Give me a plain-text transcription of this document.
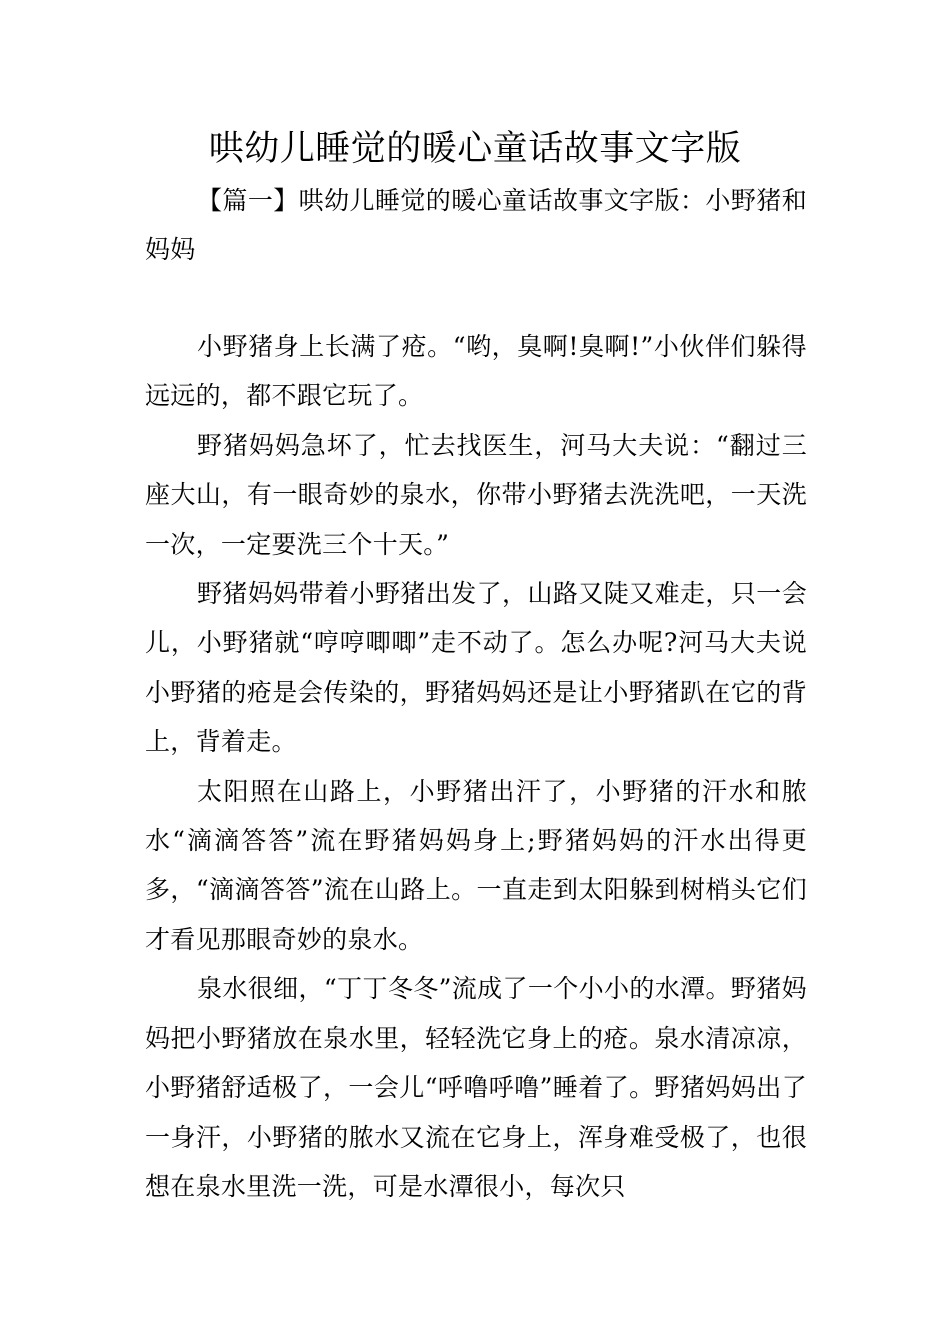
哄幼儿睡觉的暖心童话故事文字版

【篇一】哄幼儿睡觉的暖心童话故事文字版：小野猪和妈妈

小野猪身上长满了疮。“哟，臭啊!臭啊!”小伙伴们躲得远远的，都不跟它玩了。

野猪妈妈急坏了，忙去找医生，河马大夫说：“翻过三座大山，有一眼奇妙的泉水，你带小野猪去洗洗吧，一天洗一次，一定要洗三个十天。”

野猪妈妈带着小野猪出发了，山路又陡又难走，只一会儿，小野猪就“哼哼唧唧”走不动了。怎么办呢?河马大夫说小野猪的疮是会传染的，野猪妈妈还是让小野猪趴在它的背上，背着走。

太阳照在山路上，小野猪出汗了，小野猪的汗水和脓水“滴滴答答”流在野猪妈妈身上;野猪妈妈的汗水出得更多，“滴滴答答”流在山路上。一直走到太阳躲到树梢头它们才看见那眼奇妙的泉水。

泉水很细，“丁丁冬冬”流成了一个小小的水潭。野猪妈妈把小野猪放在泉水里，轻轻洗它身上的疮。泉水清凉凉，小野猪舒适极了，一会儿“呼噜呼噜”睡着了。野猪妈妈出了一身汗，小野猪的脓水又流在它身上，浑身难受极了，也很想在泉水里洗一洗，可是水潭很小，每次只
